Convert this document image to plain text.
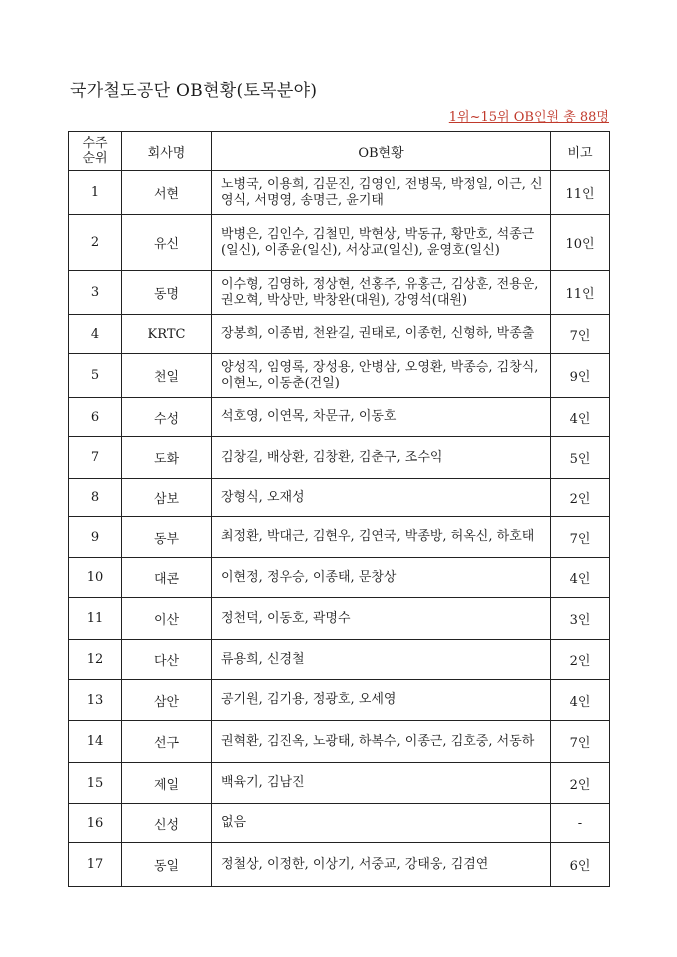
국가철도공단 OB현황(토목분야)
1위~15위 OB인원 총 88명
수주
순위	회사명	OB현황	비고
1	서현	노병국, 이용희, 김문진, 김영인, 전병묵, 박정일, 이근, 신영식, 서명영, 송명근, 윤기태	11인
2	유신	박병은, 김인수, 김철민, 박현상, 박동규, 황만호, 석종근(일신), 이종윤(일신), 서상교(일신), 윤영호(일신)	10인
3	동명	이수형, 김영하, 정상현, 선홍주, 유홍근, 김상훈, 전용운, 권오혁, 박상만, 박창완(대원), 강영석(대원)	11인
4	KRTC	장봉희, 이종범, 천완길, 권태로, 이종헌, 신형하, 박종출	7인
5	천일	양성직, 임영록, 장성용, 안병삼, 오영환, 박종승, 김창식, 이현노, 이동춘(건일)	9인
6	수성	석호영, 이연목, 차문규, 이동호	4인
7	도화	김창길, 배상환, 김창환, 김춘구, 조수익	5인
8	삼보	장형식, 오재성	2인
9	동부	최정환, 박대근, 김현우, 김연국, 박종방, 허옥신, 하호태	7인
10	대콘	이현정, 정우승, 이종태, 문창상	4인
11	이산	정천덕, 이동호, 곽명수	3인
12	다산	류용희, 신경철	2인
13	삼안	공기원, 김기용, 정광호, 오세영	4인
14	선구	권혁환, 김진옥, 노광태, 하복수, 이종근, 김호중, 서동하	7인
15	제일	백육기, 김남진	2인
16	신성	없음	-
17	동일	정철상, 이정한, 이상기, 서중교, 강태웅, 김겸연	6인
